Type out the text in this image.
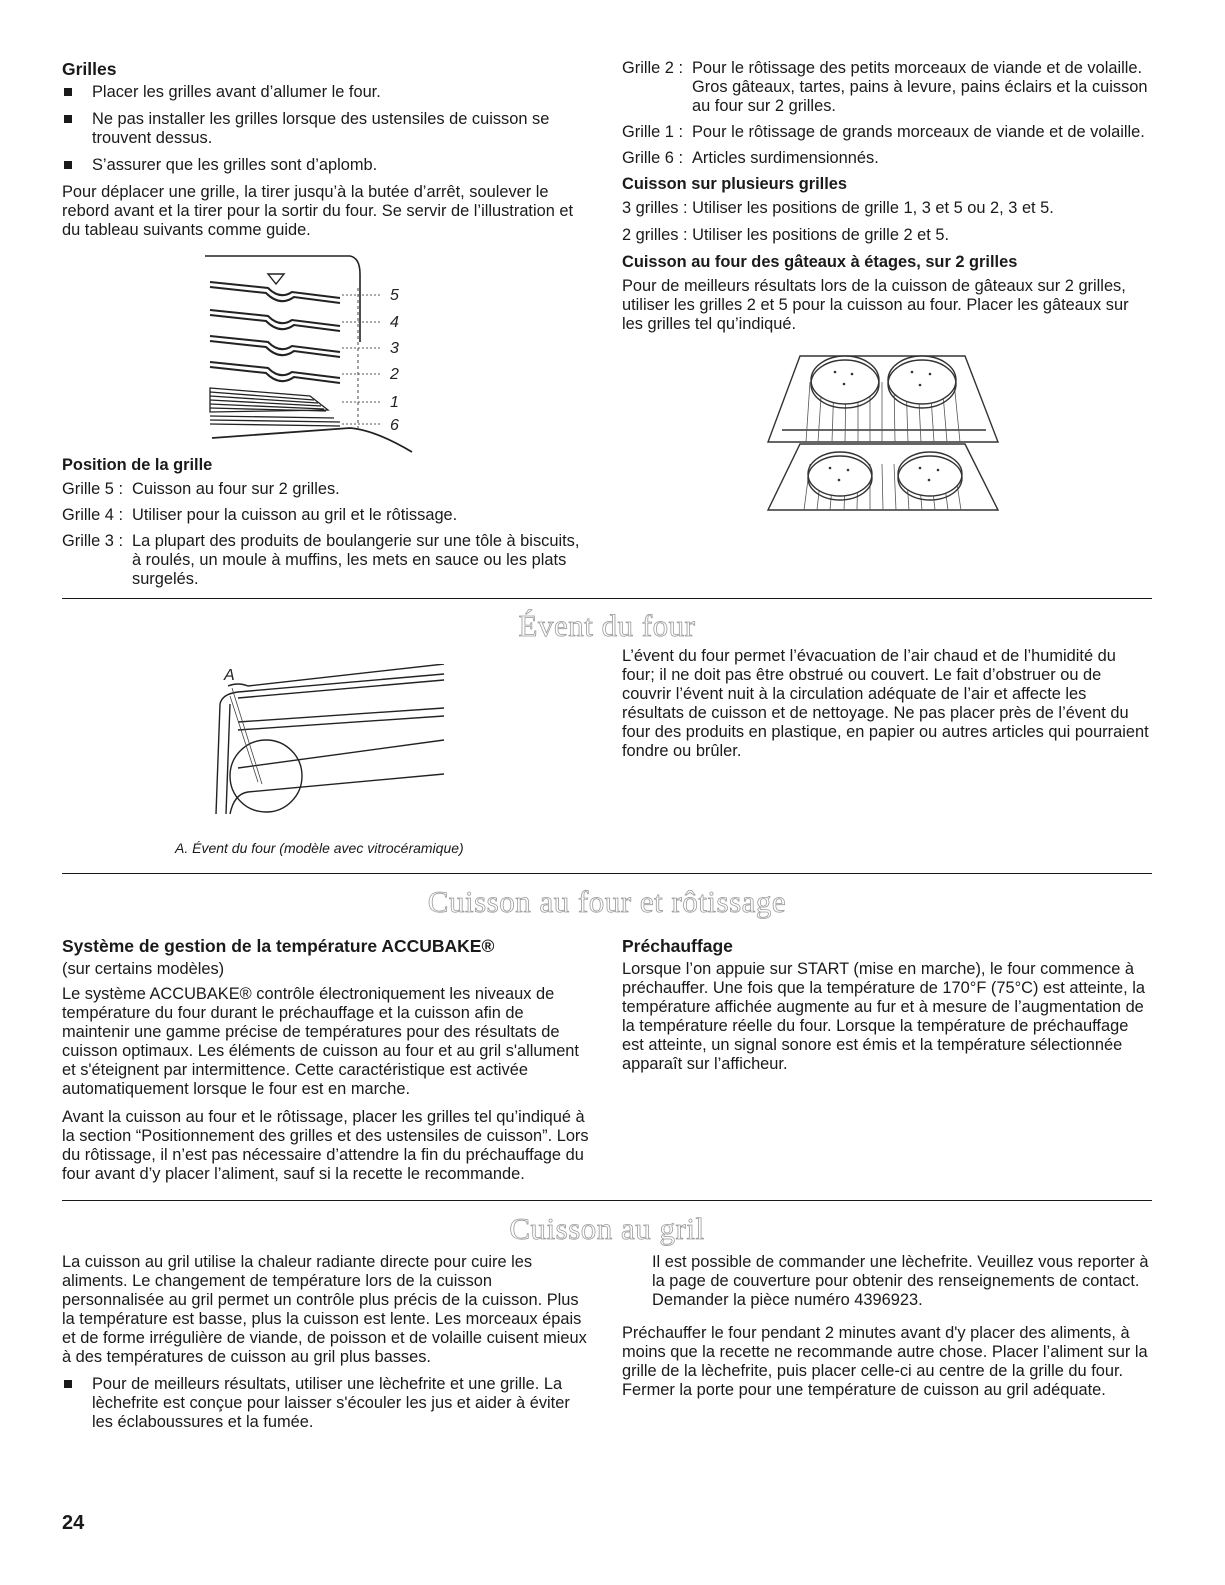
Grilles
Placer les grilles avant d’allumer le four.
Ne pas installer les grilles lorsque des ustensiles de cuisson se trouvent dessus.
S’assurer que les grilles sont d’aplomb.

Pour déplacer une grille, la tirer jusqu’à la butée d’arrêt, soulever le rebord avant et la tirer pour la sortir du four. Se servir de l’illustration et du tableau suivants comme guide.

5
4
3
2
1
6
Position de la grille
Grille 5 : Cuisson au four sur 2 grilles.
Grille 4 : Utiliser pour la cuisson au gril et le rôtissage.
Grille 3 : La plupart des produits de boulangerie sur une tôle à biscuits, à roulés, un moule à muffins, les mets en sauce ou les plats surgelés.
Grille 2 : Pour le rôtissage des petits morceaux de viande et de volaille. Gros gâteaux, tartes, pains à levure, pains éclairs et la cuisson au four sur 2 grilles.
Grille 1 : Pour le rôtissage de grands morceaux de viande et de volaille.
Grille 6 : Articles surdimensionnés.
Cuisson sur plusieurs grilles

3 grilles : Utiliser les positions de grille 1, 3 et 5 ou 2, 3 et 5.

2 grilles : Utiliser les positions de grille 2 et 5.

Cuisson au four des gâteaux à étages, sur 2 grilles

Pour de meilleurs résultats lors de la cuisson de gâteaux sur 2 grilles, utiliser les grilles 2 et 5 pour la cuisson au four. Placer les gâteaux sur les grilles tel qu’indiqué.

Évent du four
A
A. Évent du four (modèle avec vitrocéramique)

L’évent du four permet l’évacuation de l’air chaud et de l’humidité du four; il ne doit pas être obstrué ou couvert. Le fait d’obstruer ou de couvrir l’évent nuit à la circulation adéquate de l’air et affecte les résultats de cuisson et de nettoyage. Ne pas placer près de l’évent du four des produits en plastique, en papier ou autres articles qui pourraient fondre ou brûler.

Cuisson au four et rôtissage
Système de gestion de la température ACCUBAKE®

(sur certains modèles)

Le système ACCUBAKE® contrôle électroniquement les niveaux de température du four durant le préchauffage et la cuisson afin de maintenir une gamme précise de températures pour des résultats de cuisson optimaux. Les éléments de cuisson au four et au gril s'allument et s'éteignent par intermittence. Cette caractéristique est activée automatiquement lorsque le four est en marche.

Avant la cuisson au four et le rôtissage, placer les grilles tel qu’indiqué à la section “Positionnement des grilles et des ustensiles de cuisson”. Lors du rôtissage, il n’est pas nécessaire d’attendre la fin du préchauffage du four avant d’y placer l’aliment, sauf si la recette le recommande.

Préchauffage

Lorsque l’on appuie sur START (mise en marche), le four commence à préchauffer. Une fois que la température de 170°F (75°C) est atteinte, la température affichée augmente au fur et à mesure de l’augmentation de la température réelle du four. Lorsque la température de préchauffage est atteinte, un signal sonore est émis et la température sélectionnée apparaît sur l’afficheur.

Cuisson au gril

La cuisson au gril utilise la chaleur radiante directe pour cuire les aliments. Le changement de température lors de la cuisson personnalisée au gril permet un contrôle plus précis de la cuisson. Plus la température est basse, plus la cuisson est lente. Les morceaux épais et de forme irrégulière de viande, de poisson et de volaille cuisent mieux à des températures de cuisson au gril plus basses.

Pour de meilleurs résultats, utiliser une lèchefrite et une grille. La lèchefrite est conçue pour laisser s'écouler les jus et aider à éviter les éclaboussures et la fumée.

Il est possible de commander une lèchefrite. Veuillez vous reporter à la page de couverture pour obtenir des renseignements de contact. Demander la pièce numéro 4396923.

Préchauffer le four pendant 2 minutes avant d'y placer des aliments, à moins que la recette ne recommande autre chose. Placer l’aliment sur la grille de la lèchefrite, puis placer celle-ci au centre de la grille du four. Fermer la porte pour une température de cuisson au gril adéquate.

24
